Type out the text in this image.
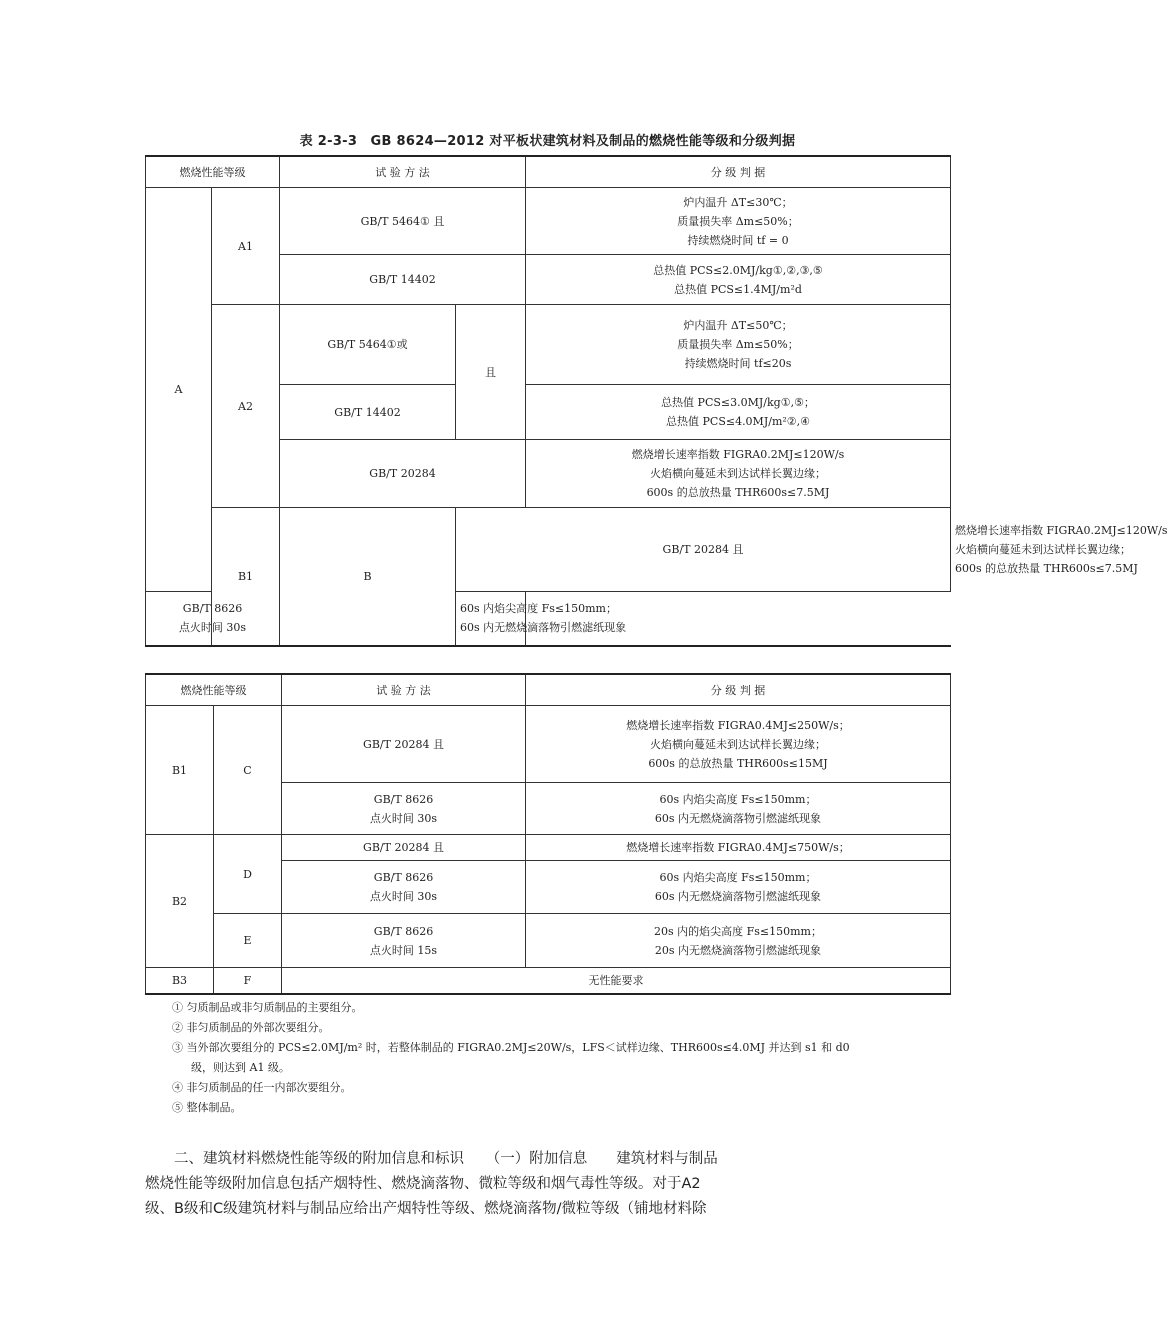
表 2-3-3　GB 8624—2012 对平板状建筑材料及制品的燃烧性能等级和分级判据
燃烧性能等级		试 验 方 法		分 级 判 据	
A	A1	GB/T 5464① 且		炉内温升 ΔT≤30℃；
质量损失率 Δm≤50%；
持续燃烧时间 tf = 0	

		GB/T 14402		总热值 PCS≤2.0MJ/kg①,②,③,⑤
总热值 PCS≤1.4MJ/m²d	

	A2	GB/T 5464①或	且	炉内温升 ΔT≤50℃；
质量损失率 Δm≤50%；
持续燃烧时间 tf≤20s	

		GB/T 14402		总热值 PCS≤3.0MJ/kg①,⑤；
总热值 PCS≤4.0MJ/m²②,④	

		GB/T 20284		燃烧增长速率指数 FIGRA0.2MJ≤120W/s
火焰横向蔓延未到达试样长翼边缘；
600s 的总放热量 THR600s≤7.5MJ	

	B1	B	GB/T 20284 且		燃烧增长速率指数 FIGRA0.2MJ≤120W/s
火焰横向蔓延未到达试样长翼边缘；
600s 的总放热量 THR600s≤7.5MJ

GB/T 8626
点火时间 30s			60s 内焰尖高度 Fs≤150mm；
60s 内无燃烧滴落物引燃滤纸现象		
燃烧性能等级		试 验 方 法	分 级 判 据
B1	C	GB/T 20284 且	燃烧增长速率指数 FIGRA0.4MJ≤250W/s；
火焰横向蔓延未到达试样长翼边缘；
600s 的总放热量 THR600s≤15MJ

		GB/T 8626
点火时间 30s	60s 内焰尖高度 Fs≤150mm；
60s 内无燃烧滴落物引燃滤纸现象

B2	D	GB/T 20284 且	燃烧增长速率指数 FIGRA0.4MJ≤750W/s；

		GB/T 8626
点火时间 30s	60s 内焰尖高度 Fs≤150mm；
60s 内无燃烧滴落物引燃滤纸现象

	E	GB/T 8626
点火时间 15s	20s 内的焰尖高度 Fs≤150mm；
20s 内无燃烧滴落物引燃滤纸现象

B3	F	无性能要求	
① 匀质制品或非匀质制品的主要组分。
② 非匀质制品的外部次要组分。
③ 当外部次要组分的 PCS≤2.0MJ/m² 时，若整体制品的 FIGRA0.2MJ≤20W/s，LFS＜试样边缘、THR600s≤4.0MJ 并达到 s1 和 d0
级，则达到 A1 级。
④ 非匀质制品的任一内部次要组分。
⑤ 整体制品。

二、建筑材料燃烧性能等级的附加信息和标识　　（一）附加信息　　建筑材料与制品

燃烧性能等级附加信息包括产烟特性、燃烧滴落物、微粒等级和烟气毒性等级。对于A2

级、B级和C级建筑材料与制品应给出产烟特性等级、燃烧滴落物/微粒等级（铺地材料除
